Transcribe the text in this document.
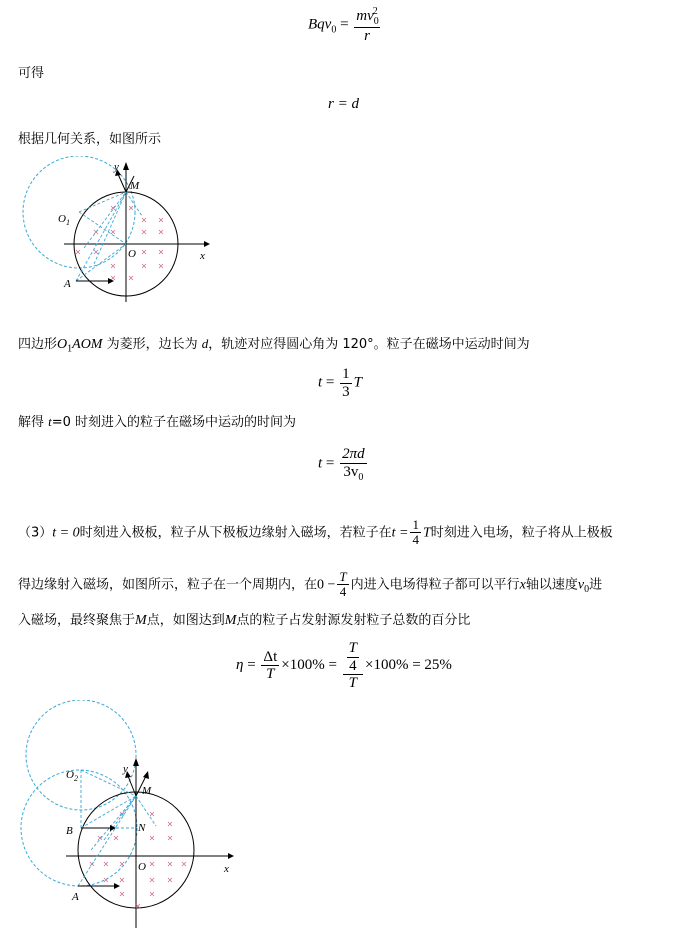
$Bqv_0 = \frac{mv_0^2}{r}$
可得
r = d
根据几何关系，如图所示
y
x
M
$O_1$
O
A
四边形$O_1AOM$ 为菱形，边长为 d，轨迹对应得圆心角为 120°。粒子在磁场中运动时间为
$t = \frac{1}{3}$ T
解得 t=0 时刻进入的粒子在磁场中运动的时间为
$t = \frac{2\pi d}{3v_0}$
（3）t = 0时刻进入极板，粒子从下极板边缘射入磁场，若粒子在$t = \frac{1}{4}$ T时刻进入电场，粒子将从上极板
得边缘射入磁场，如图所示，粒子在一个周期内，在$0 - \frac{T}{4}$ 内进入电场得粒子都可以平行x轴以速度$v_0$进
入磁场，最终聚焦于M点，如图达到M点的粒子占发射源发射粒子总数的百分比
$\eta = \frac{\Delta t}{T} \times 100\% = \frac{\frac{T}{4}}{T} \times 100\% = 25\%$
y
x
M
$O_2$
B	N
O
A
